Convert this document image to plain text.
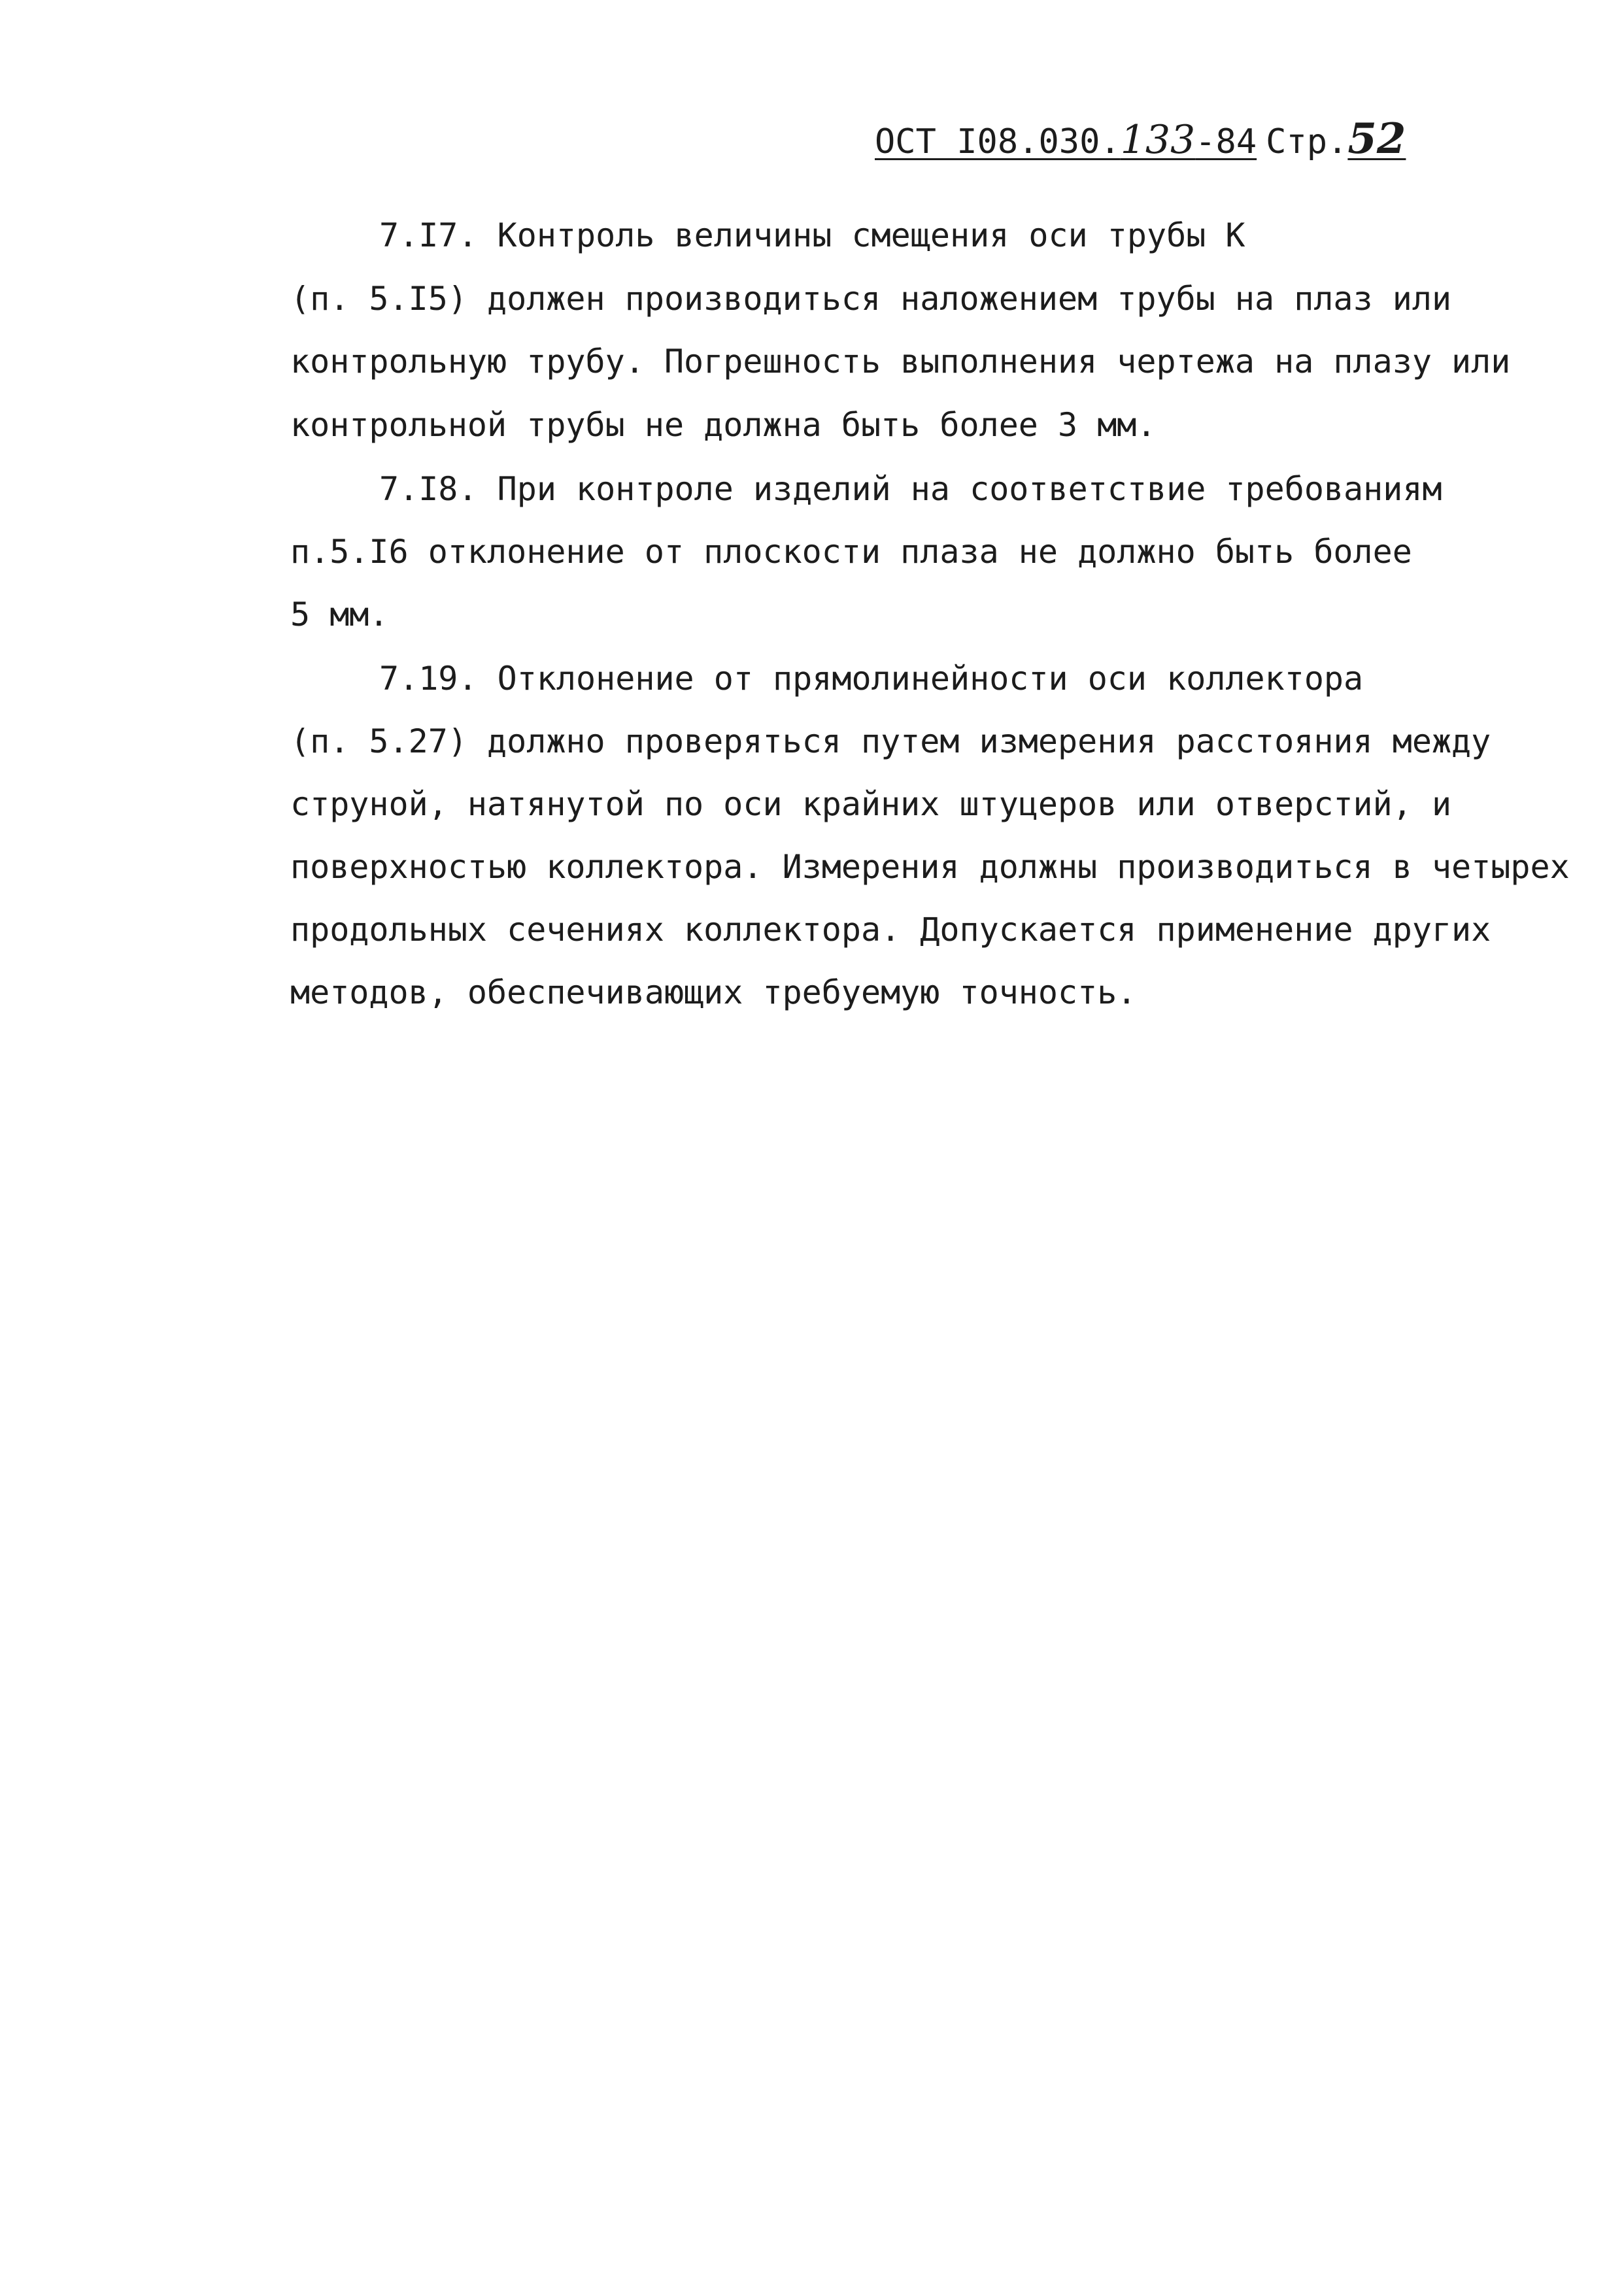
ОСТ I08.030.133-84 Стр.52
7.I7. Контроль величины смещения оси трубы К
(п. 5.I5) должен производиться наложением трубы на плаз или
контрольную трубу. Погрешность выполнения чертежа на плазу или
контрольной трубы не должна быть более 3 мм.
7.I8. При контроле изделий на соответствие требованиям
п.5.I6 отклонение от плоскости плаза не должно быть более
5 мм.
7.19. Отклонение от прямолинейности оси коллектора
(п. 5.27) должно проверяться путем измерения расстояния между
струной, натянутой по оси крайних штуцеров или отверстий, и
поверхностью коллектора. Измерения должны производиться в четырех
продольных сечениях коллектора. Допускается применение других
методов, обеспечивающих требуемую точность.
